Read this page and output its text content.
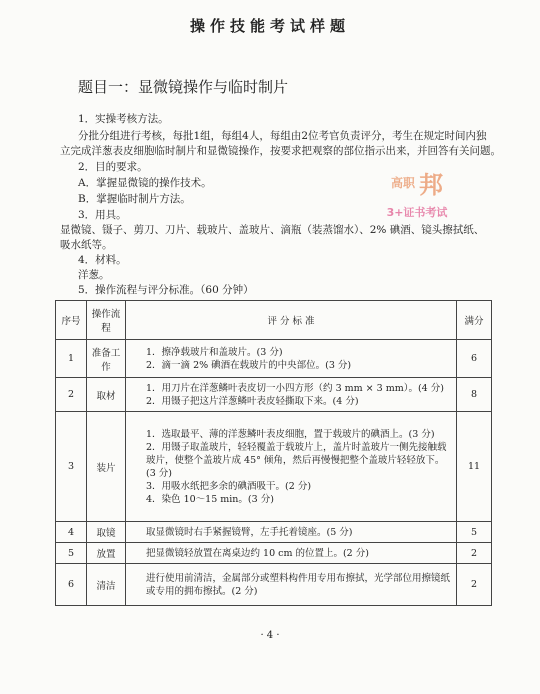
操作技能考试样题
题目一：显微镜操作与临时制片
1．实操考核方法。
分批分组进行考核，每批1组，每组4人，每组由2位考官负责评分，考生在规定时间内独
立完成洋葱表皮细胞临时制片和显微镜操作，按要求把观察的部位指示出来，并回答有关问题。
2．目的要求。
A．掌握显微镜的操作技术。
B．掌握临时制片方法。
3．用具。
显微镜、镊子、剪刀、刀片、载玻片、盖玻片、滴瓶（装蒸馏水）、2% 碘酒、镜头擦拭纸、
吸水纸等。
4．材料。
洋葱。
5．操作流程与评分标准。（60 分钟）
高职 邦
3+证书考试
序号	操作流程	评 分 标 准	满分
1	准备工作	1．擦净载玻片和盖玻片。(3 分)
2．滴一滴 2% 碘酒在载玻片的中央部位。(3 分)	6
2	取材	1．用刀片在洋葱鳞叶表皮切一小四方形（约 3 mm × 3 mm）。(4 分)
2．用镊子把这片洋葱鳞叶表皮轻撕取下来。(4 分)	8
3	装片	1．选取最平、薄的洋葱鳞叶表皮细胞，置于载玻片的碘酒上。(3 分)
2．用镊子取盖玻片，轻轻覆盖于载玻片上，盖片时盖玻片一侧先接触载玻片，使整个盖玻片成 45° 倾角，然后再慢慢把整个盖玻片轻轻放下。(3 分)
3．用吸水纸把多余的碘酒吸干。(2 分)
4．染色 10～15 min。(3 分)	11
4	取镜	取显微镜时右手紧握镜臂，左手托着镜座。(5 分)	5
5	放置	把显微镜轻放置在离桌边约 10 cm 的位置上。(2 分)	2
6	清洁	进行使用前清洁，金属部分或塑料构件用专用布擦拭，光学部位用擦镜纸或专用的拥布擦拭。(2 分)	2
· 4 ·
